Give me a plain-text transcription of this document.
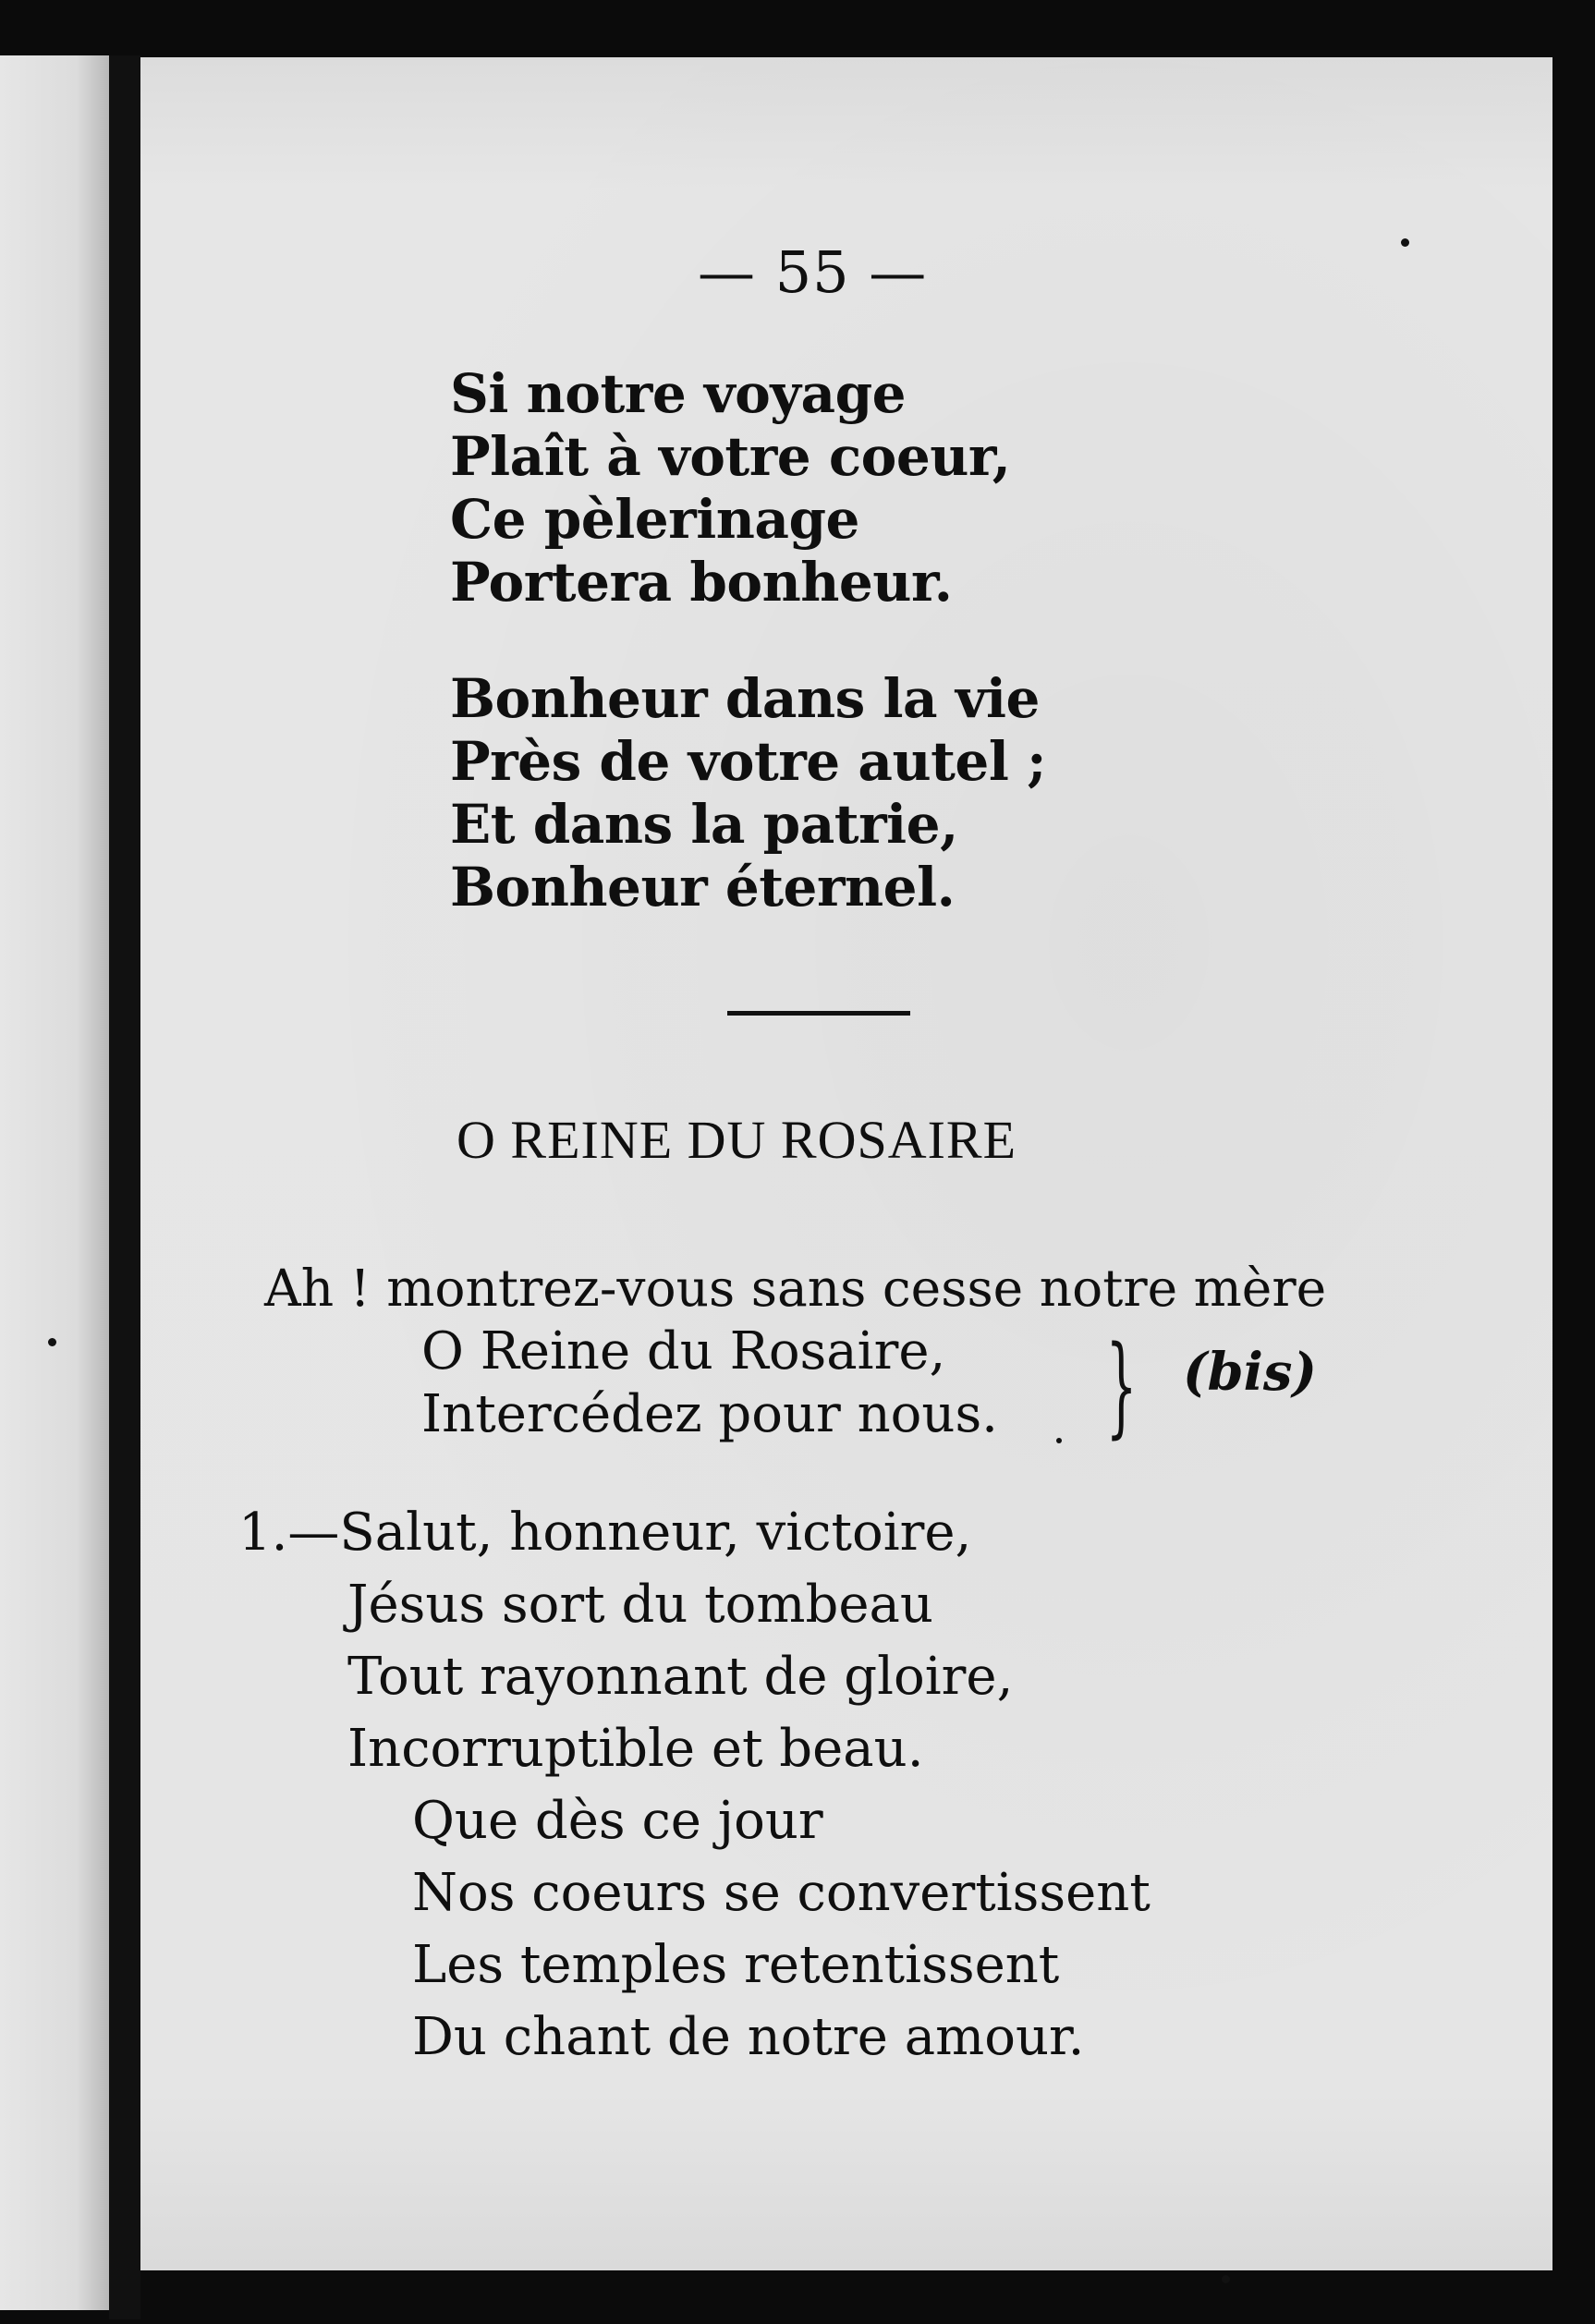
— 55 —
Si notre voyage
Plaît à votre coeur,
Ce pèlerinage
Portera bonheur.
Bonheur dans la vie
Près de votre autel ;
Et dans la patrie,
Bonheur éternel.
O REINE DU ROSAIRE
Ah ! montrez-vous sans cesse notre mère
O Reine du Rosaire,
Intercédez pour nous. } (bis)
1.—Salut, honneur, victoire,
Jésus sort du tombeau
Tout rayonnant de gloire,
Incorruptible et beau.
Que dès ce jour
Nos coeurs se convertissent
Les temples retentissent
Du chant de notre amour.
